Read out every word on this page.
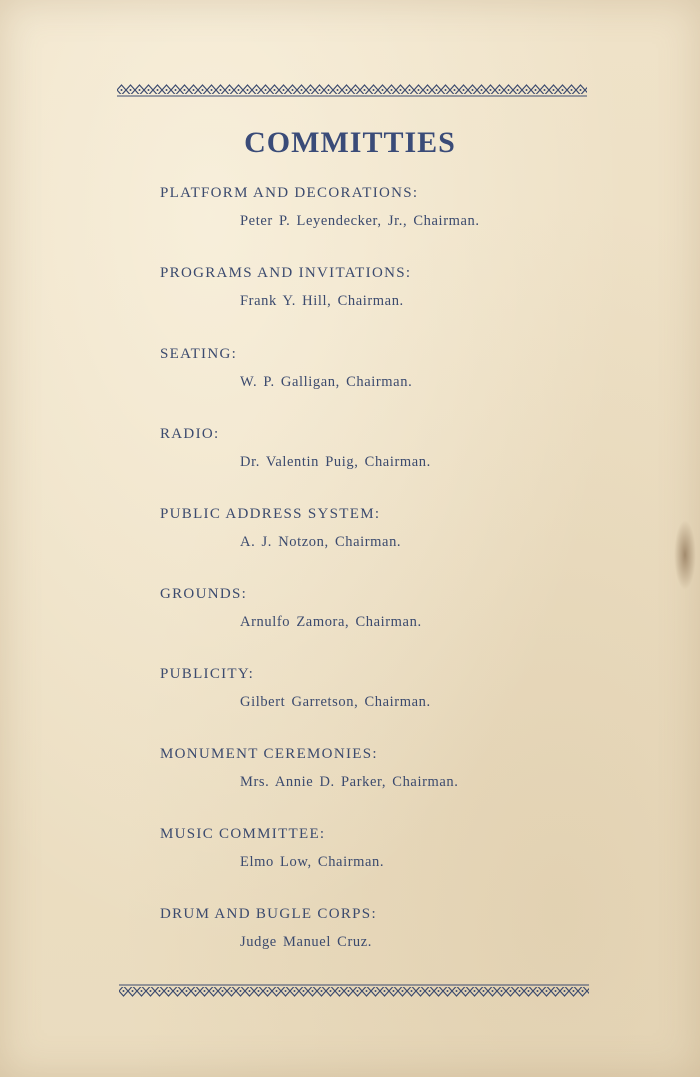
COMMITTIES
PLATFORM AND DECORATIONS:
Peter P. Leyendecker, Jr., Chairman.
PROGRAMS AND INVITATIONS:
Frank Y. Hill, Chairman.
SEATING:
W. P. Galligan, Chairman.
RADIO:
Dr. Valentin Puig, Chairman.
PUBLIC ADDRESS SYSTEM:
A. J. Notzon, Chairman.
GROUNDS:
Arnulfo Zamora, Chairman.
PUBLICITY:
Gilbert Garretson, Chairman.
MONUMENT CEREMONIES:
Mrs. Annie D. Parker, Chairman.
MUSIC COMMITTEE:
Elmo Low, Chairman.
DRUM AND BUGLE CORPS:
Judge Manuel Cruz.
